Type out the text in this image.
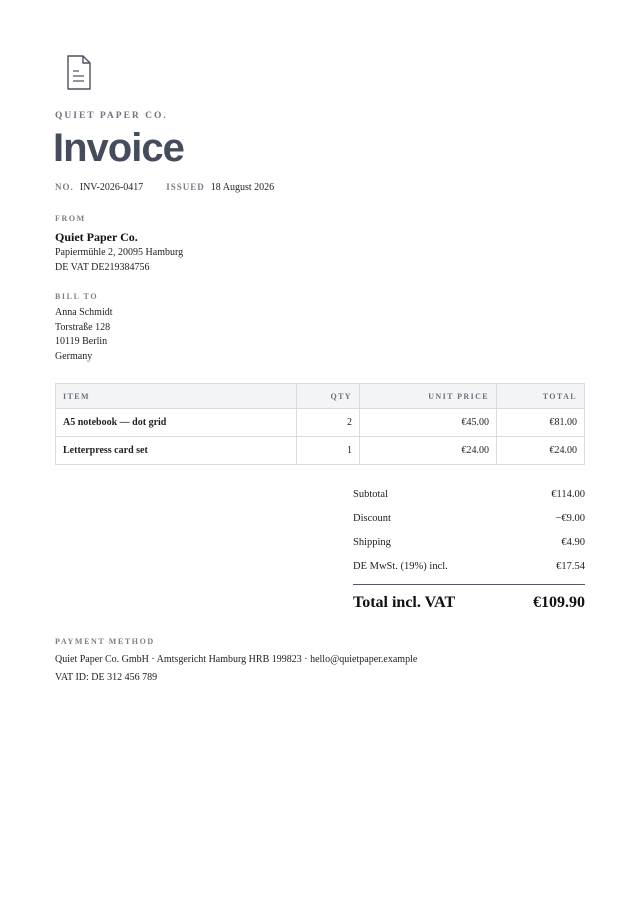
QUIET PAPER CO.
Invoice
NO. INV-2026-0417	ISSUED 18 August 2026
FROM
Quiet Paper Co.
Papiermühle 2, 20095 Hamburg
DE VAT DE219384756
BILL TO
Anna Schmidt
Torstraße 128
10119 Berlin
Germany
ITEM	QTY	UNIT PRICE	TOTAL
A5 notebook — dot grid	2	€45.00	€81.00
Letterpress card set	1	€24.00	€24.00
Subtotal	€114.00
Discount	−€9.00
Shipping	€4.90
DE MwSt. (19%) incl.	€17.54
Total incl. VAT	€109.90
PAYMENT METHOD
Quiet Paper Co. GmbH · Amtsgericht Hamburg HRB 199823 · hello@quietpaper.example
VAT ID: DE 312 456 789
